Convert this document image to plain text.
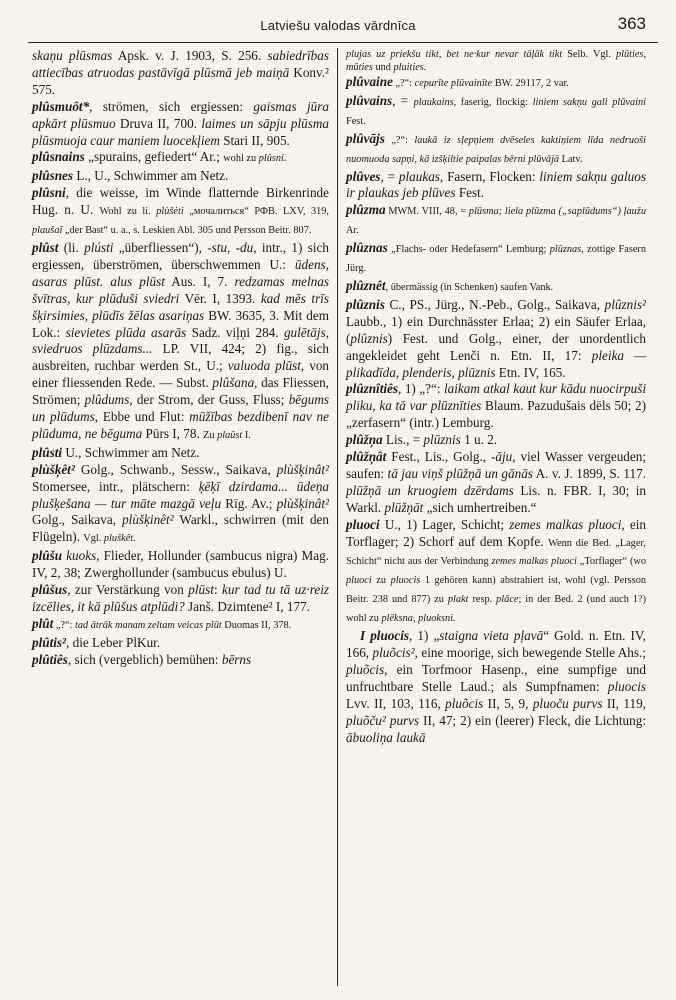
Latviešu valodas vārdnīca	363

skaņu plūsmas Apsk. v. J. 1903, S. 256. sabiedrības attiecības atruodas pastāvīgā plūsmā jeb maiņā Konv.² 575.

plûsmuôt*, strömen, sich ergiessen: gaismas jūra apkārt plūsmuo Druva II, 700. laimes un sāpju plūsma plūsmuoja caur maniem luocekļiem Stari II, 905.

plûsnains „spurains, gefiedert“ Ar.; wohl zu plûsni.

plûsnes L., U., Schwimmer am Netz.

plûsni, die weisse, im Winde flatternde Birkenrinde Hug. n. U. Wohl zu li. plùšėti „мочалиться“ РФВ. LXV, 319, plaušaĩ „der Bast“ u. a., s. Leskien Abl. 305 und Persson Beitr. 807.

plûst (li. plústi „überfliessen“), -stu, -du, intr., 1) sich ergiessen, überströmen, überschwemmen U.: ūdens, asaras plūst. alus plūst Aus. I, 7. redzamas melnas švītras, kur plūduši sviedri Vēr. I, 1393. kad mēs trīs šķirsimies, plūdīs žēlas asariņas BW. 3635, 3. Mit dem Lok.: sievietes plūda asarās Sadz. viļņi 284. gulētājs, sviedruos plūzdams... LP. VII, 424; 2) fig., sich ausbreiten, ruchbar werden St., U.; valuoda plūst, von einer fliessenden Rede. — Subst. plûšana, das Fliessen, Strömen; plûdums, der Strom, der Guss, Fluss; bēgums un plūdums, Ebbe und Flut: mūžības bezdibenī nav ne plūduma, ne bēguma Pūrs I, 78. Zu plaûst I.

plûsti U., Schwimmer am Netz.

plùšķêt² Golg., Schwanb., Sessw., Saikava, plùšķinât² Stomersee, intr., plätschern: ķēķī dzirdama... ūdeņa plušķešana — tur māte mazgā veļu Rīg. Av.; plùšķinât² Golg., Saikava, plùšķinêt² Warkl., schwirren (mit den Flügeln). Vgl. pluškêt.

plûšu kuoks, Flieder, Hollunder (sambucus nigra) Mag. IV, 2, 38; Zwerghollunder (sambucus ebulus) U.

plûšus, zur Verstärkung von plūst: kur tad tu tā uz·reiz izcēlies, it kā plūšus atplūdi? Janš. Dzimtene² I, 177.

plût „?“: tad ātrāk manam zeltam veicas plūt Duomas II, 378.

plûtis², die Leber PlKur.

plûtiês, sich (vergeblich) bemühen: bērns

plujas uz priekšu tikt, bet ne·kur nevar tāļāk tikt Selb. Vgl. plūties, mūties und pluities.

plûvaine „?“: cepurīte plūvainīte BW. 29117, 2 var.

plûvains, = plaukains, faserig, flockig: liniem sakņu gali plūvaini Fest.

plûvājs „?“: laukā iz sļepņiem dvēseles kaktiņiem līda nedruoši nuomuoda sapņi, kā izšķiltie paipalas bērni plūvājā Latv.

plûves, = plaukas, Fasern, Flocken: liniem sakņu galuos ir plaukas jeb plūves Fest.

plûzma MWM. VIII, 48, = plūsma; liela plūzma („saplūdums“) ļaužu Ar.

plûznas „Flachs- oder Hedefasern“ Lemburg; plūznas, zottige Fasern Jürg.

plûznêt, übermässig (in Schenken) saufen Vank.

plûznis C., PS., Jürg., N.-Peb., Golg., Saikava, plûznis² Laubb., 1) ein Durchnässter Erlaa; 2) ein Säufer Erlaa, (plûznis) Fest. und Golg., einer, der unordentlich angekleidet geht Lenči n. Etn. II, 17: pleika — plikadīda, plenderis, plūznis Etn. IV, 165.

plûznîtiês, 1) „?“: laikam atkal kaut kur kādu nuocirpuši pliku, ka tā var plūznīties Blaum. Pazudušais dēls 50; 2) „zerfasern“ (intr.) Lemburg.

plûžņa Lis., = plūznis 1 u. 2.

plûžņât Fest., Lis., Golg., -āju, viel Wasser vergeuden; saufen: tā jau viņš plūžņā un gānās A. v. J. 1899, S. 117. plūžņā un kruogiem dzērdams Lis. n. FBR. I, 30; in Warkl. plūžņāt „sich umhertreiben.“

pluoci U., 1) Lager, Schicht; zemes malkas pluoci, ein Torflager; 2) Schorf auf dem Kopfe. Wenn die Bed. „Lager, Schicht“ nicht aus der Verbindung zemes malkas pluoci „Torflager“ (wo pluoci zu pluocis 1 gehören kann) abstrahiert ist, wohl (vgl. Persson Beitr. 238 und 877) zu plakt resp. plāce; in der Bed. 2 (und auch 1?) wohl zu plēksna, pluoksni.

I pluocis, 1) „staigna vieta pļavā“ Gold. n. Etn. IV, 166, pluõcis², eine moorige, sich bewegende Stelle Ahs.; pluõcis, ein Torfmoor Hasenp., eine sumpfige und unfruchtbare Stelle Laud.; als Sumpfnamen: pluocis Lvv. II, 103, 116, pluõcis II, 5, 9, pluoču purvs II, 119, pluõču² purvs II, 47; 2) ein (leerer) Fleck, die Lichtung: ābuoliņa laukā
